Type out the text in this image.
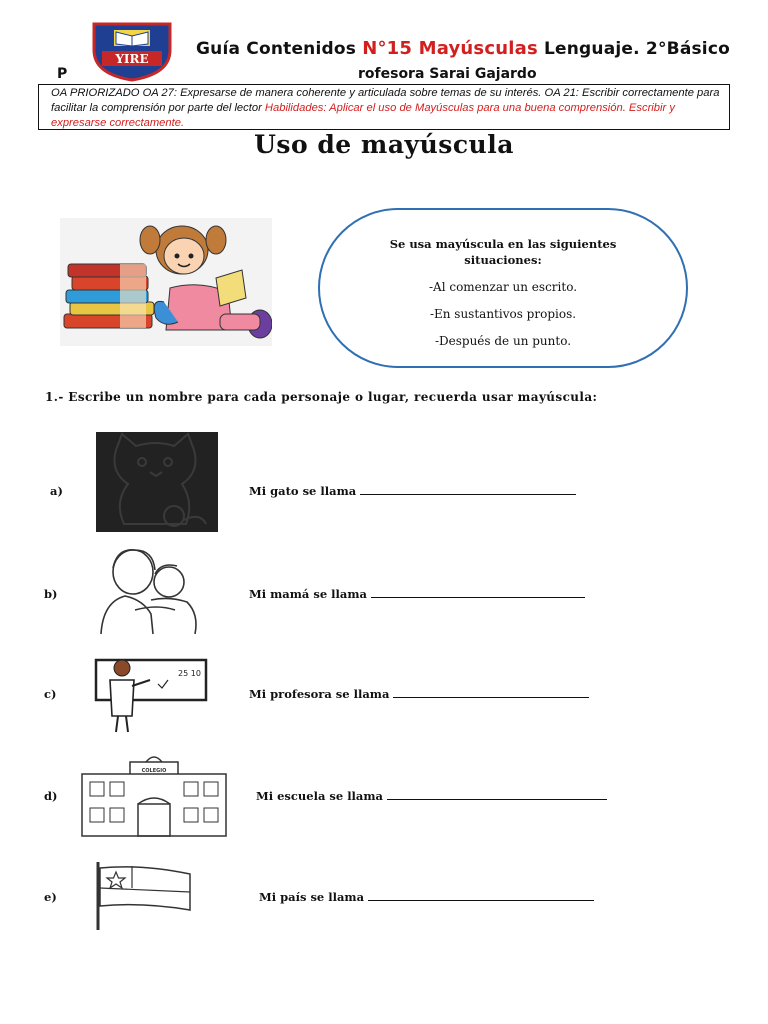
YIRE	Guía Contenidos N°15 Mayúsculas Lenguaje. 2°Básico
P	rofesora Sarai Gajardo
OA PRIORIZADO OA 27: Expresarse de manera coherente y articulada sobre temas de su interés. OA 21: Escribir correctamente para facilitar la comprensión por parte del lector Habilidades: Aplicar el uso de Mayúsculas para una buena comprensión. Escribir y expresarse correctamente.
Uso de mayúscula
Se usa mayúscula en las siguientes situaciones:
-Al comenzar un escrito.
-En sustantivos propios.
-Después de un punto.
1.- Escribe un nombre para cada personaje o lugar, recuerda usar mayúscula:
a)	Mi gato se llama
b)	Mi mamá se llama
c)
25 10
Mi profesora se llama
d)
COLEGIO
Mi escuela se llama
e)	Mi país se llama
